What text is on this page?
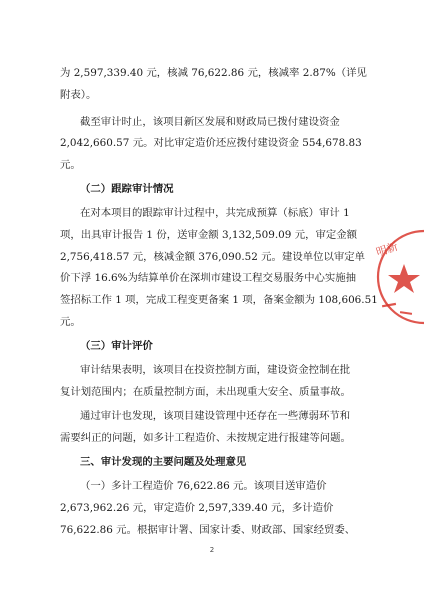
为 2,597,339.40 元，核减 76,622.86 元，核减率 2.87%（详见
附表）。
截至审计时止，该项目新区发展和财政局已拨付建设资金
2,042,660.57 元。对比审定造价还应拨付建设资金 554,678.83
元。
（二）跟踪审计情况
在对本项目的跟踪审计过程中，共完成预算（标底）审计 1
项，出具审计报告 1 份，送审金额 3,132,509.09 元，审定金额
2,756,418.57 元，核减金额 376,090.52 元。建设单位以审定单
价下浮 16.6%为结算单价在深圳市建设工程交易服务中心实施抽
签招标工作 1 项，完成工程变更备案 1 项，备案金额为 108,606.51
元。
（三）审计评价
审计结果表明，该项目在投资控制方面，建设资金控制在批
复计划范围内；在质量控制方面，未出现重大安全、质量事故。
通过审计也发现，该项目建设管理中还存在一些薄弱环节和
需要纠正的问题，如多计工程造价、未按规定进行报建等问题。
三、审计发现的主要问题及处理意见
（一）多计工程造价 76,622.86 元。该项目送审造价
2,673,962.26 元，审定造价 2,597,339.40 元，多计造价
76,622.86 元。根据审计署、国家计委、财政部、国家经贸委、
2
明新
